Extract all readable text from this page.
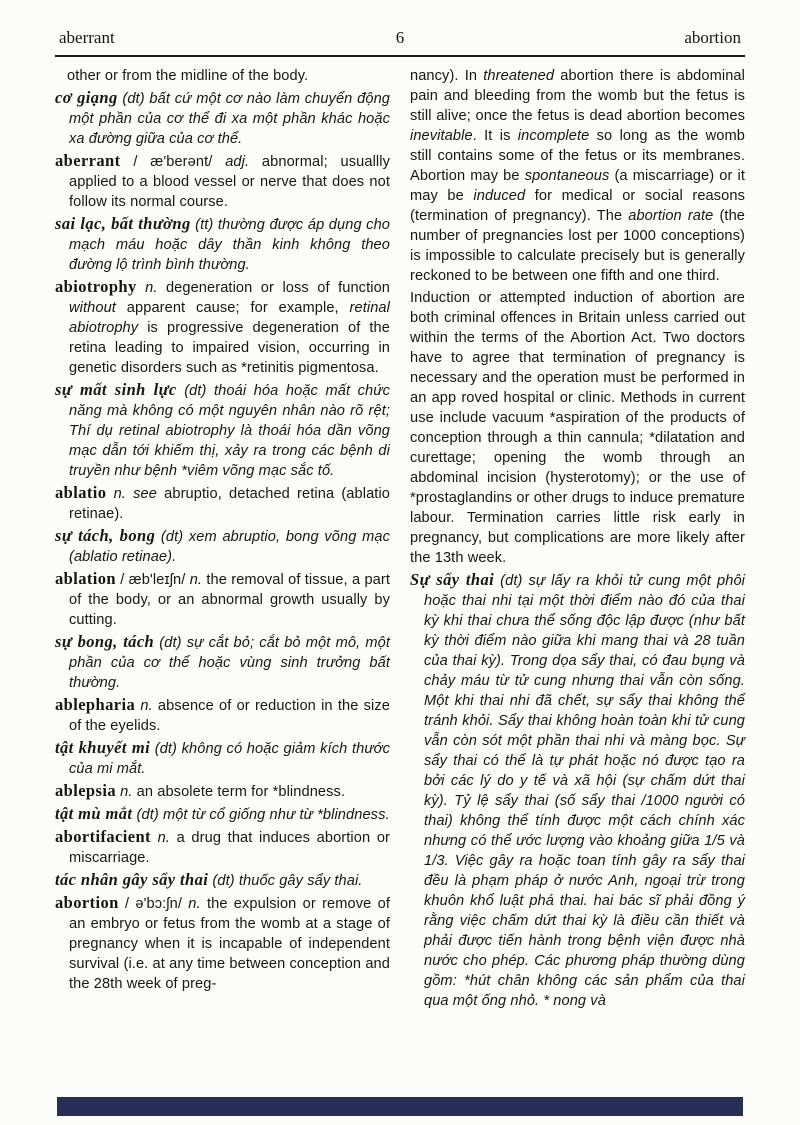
aberrant	6	abortion

other or from the midline of the body.

cơ giạng (dt) bất cứ một cơ nào làm chuyển động một phần của cơ thể đi xa một phần khác hoặc xa đường giữa của cơ thể.

aberrant / æ'berənt/ adj. abnormal; usuallly applied to a blood vessel or nerve that does not follow its normal course.

sai lạc, bất thường (tt) thường được áp dụng cho mạch máu hoặc dây thần kinh không theo đường lộ trình bình thường.

abiotrophy n. degeneration or loss of function without apparent cause; for example, retinal abiotrophy is progressive degeneration of the retina leading to impaired vision, occurring in genetic disorders such as *retinitis pigmentosa.

sự mất sinh lực (dt) thoái hóa hoặc mất chức năng mà không có một nguyên nhân nào rõ rệt; Thí dụ retinal abiotrophy là thoái hóa dần võng mạc dẫn tới khiếm thị, xảy ra trong các bệnh di truyền như bệnh *viêm võng mạc sắc tố.

ablatio n. see abruptio, detached retina (ablatio retinae).

sự tách, bong (dt) xem abruptio, bong võng mạc (ablatio retinae).

ablation / æb'leɪʃn/ n. the removal of tissue, a part of the body, or an abnormal growth usually by cutting.

sự bong, tách (dt) sự cắt bỏ; cắt bỏ một mô, một phần của cơ thể hoặc vùng sinh trưởng bất thường.

ablepharia n. absence of or reduction in the size of the eyelids.

tật khuyết mi (dt) không có hoặc giảm kích thước của mi mắt.

ablepsia n. an absolete term for *blindness.

tật mù mắt (dt) một từ cổ giống như từ *blindness.

abortifacient n. a drug that induces abortion or miscarriage.

tác nhân gây sẩy thai (dt) thuốc gây sẩy thai.

abortion / ə'bɔ:ʃn/ n. the expulsion or remove of an embryo or fetus from the womb at a stage of pregnancy when it is incapable of independent survival (i.e. at any time between conception and the 28th week of preg-

nancy). In threatened abortion there is abdominal pain and bleeding from the womb but the fetus is still alive; once the fetus is dead abortion becomes inevitable. It is incomplete so long as the womb still contains some of the fetus or its membranes. Abortion may be spontaneous (a miscarriage) or it may be induced for medical or social reasons (termination of pregnancy). The abortion rate (the number of pregnancies lost per 1000 conceptions) is impossible to calculate precisely but is generally reckoned to be between one fifth and one third.

Induction or attempted induction of abortion are both criminal offences in Britain unless carried out within the terms of the Abortion Act. Two doctors have to agree that termination of pregnancy is necessary and the operation must be performed in an app roved hospital or clinic. Methods in current use include vacuum *aspiration of the products of conception through a thin cannula; *dilatation and curettage; opening the womb through an abdominal incision (hysterotomy); or the use of *prostaglandins or other drugs to induce premature labour. Termination carries little risk early in pregnancy, but complications are more likely after the 13th week.

Sự sẩy thai (dt) sự lấy ra khỏi tử cung một phôi hoặc thai nhi tại một thời điểm nào đó của thai kỳ khi thai chưa thể sống độc lập được (như bất kỳ thời điểm nào giữa khi mang thai và 28 tuần của thai kỳ). Trong dọa sẩy thai, có đau bụng và chảy máu từ tử cung nhưng thai vẫn còn sống. Một khi thai nhi đã chết, sự sẩy thai không thể tránh khỏi. Sẩy thai không hoàn toàn khi tử cung vẫn còn sót một phần thai nhi và màng bọc. Sự sẩy thai có thể là tự phát hoặc nó được tạo ra bởi các lý do y tế và xã hội (sự chấm dứt thai kỳ). Tỷ lệ sẩy thai (số sẩy thai /1000 người có thai) không thể tính được một cách chính xác nhưng có thể ước lượng vào khoảng giữa 1/5 và 1/3. Việc gây ra hoặc toan tính gây ra sẩy thai đều là phạm pháp ở nước Anh, ngoại trừ trong khuôn khổ luật phá thai. hai bác sĩ phải đồng ý rằng việc chấm dứt thai kỳ là điều cần thiết và phải được tiến hành trong bệnh viện được nhà nước cho phép. Các phương pháp thường dùng gồm: *hút chân không các sản phẩm của thai qua một ống nhỏ. * nong và
